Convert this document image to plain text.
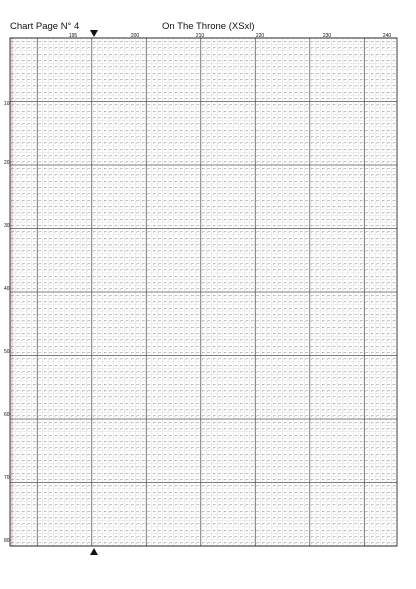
Chart Page N° 4	On The Throne (XSxl)
195	200	210	220	230	240
10
20
30
40
50
60
70
80
⌐ ⌐ ⌐ ⌐ ⌐ ⌐ ⌐ ⌐ ⌐ ⌐ ⌐ ⌐ ⌐ ⌐ ⌐ ⌐ ⌐ ⌐ ⌐ ⌐ ⌐ ⌐ ⌐ ⌐ ⌐ ⌐ ⌐ ⌐ ⌐ ⌐ ⌐ ⌐ ⌐ ⌐ ⌐ ⌐ ⌐ ⌐ ⌐ ⌐ ⌐ ⌐ ⌐ ⌐ ⌐ ⌐ ⌐ ⌐ ⌐ ⌐ ⌐ ⌐ ⌐ ⌐ ⌐ ⌐ ⌐ ⌐ ⌐ ⌐ ⌐ ⌐ ⌐ ⌐ ⌐ ⌐ ⌐ ⌐ ⌐ ⌐ ⌐
⌐ ⌐ ⌐ ⌐ ⌐ ⌐ ⌐ ⌐ ⌐ ⌐ ⌐ ⌐ ⌐ ⌐ ⌐ ⌐ ⌐ ⌐ ⌐ ⌐ ⌐ ⌐ ⌐ ⌐ ⌐ ⌐ ⌐ ⌐ ⌐ ⌐ ⌐ ⌐ ⌐ ⌐ ⌐ ⌐ ⌐ ⌐ ⌐ ⌐ ⌐ ⌐ ⌐ ⌐ ⌐ ⌐ ⌐ ⌐ ⌐ ⌐ ⌐ ⌐ ⌐ ⌐ ⌐ ⌐ ⌐ ⌐ ⌐ ⌐ ⌐ ⌐ ⌐ ⌐ ⌐ ⌐ ⌐ ⌐ ⌐ ⌐ ⌐
⌐ ⌐ ⌐ ⌐ ⌐ ⌐ ⌐ ⌐ ⌐ ⌐ ⌐ ⌐ ⌐ ⌐ ⌐ ⌐ ⌐ ⌐ ⌐ ⌐ ⌐ ⌐ ⌐ ⌐ ⌐ ⌐ ⌐ ⌐ ⌐ ⌐ ⌐ ⌐ ⌐ ⌐ ⌐ ⌐ ⌐ ⌐ ⌐ ⌐ ⌐ ⌐ ⌐ ⌐ ⌐ ⌐ ⌐ ⌐ ⌐ ⌐ ⌐ ⌐ ⌐ ⌐ ⌐ ⌐ ⌐ ⌐ ⌐ ⌐ ⌐ ⌐ ⌐ ⌐ ⌐ ⌐ ⌐ ⌐ ⌐ ⌐ ⌐
⌐ ⌐ ⌐ ⌐ ⌐ ⌐ ⌐ ⌐ ⌐ ⌐ ⌐ ⌐ ⌐ ⌐ ⌐ ⌐ ⌐ ⌐ ⌐ ⌐ ⌐ ⌐ ⌐ ⌐ ⌐ ⌐ ⌐ ⌐ ⌐ ⌐ ⌐ ⌐ ⌐ ⌐ ⌐ ⌐ ⌐ ⌐ ⌐ ⌐ ⌐ ⌐ ⌐ ⌐ ⌐ ⌐ ⌐ ⌐ ⌐ ⌐ ⌐ ⌐ ⌐ ⌐ ⌐ ⌐ ⌐ ⌐ ⌐ ⌐ ⌐ ⌐ ⌐ ⌐ ⌐ ⌐ ⌐ ⌐ ⌐ ⌐ ⌐
⌐ ⌐ ⌐ ⌐ ⌐ ⌐ ⌐ ⌐ ⌐ ⌐ ⌐ ⌐ ⌐ ⌐ ⌐ ⌐ ⌐ ⌐ ⌐ ⌐ ⌐ ⌐ ⌐ ⌐ ⌐ ⌐ ⌐ ⌐ ⌐ ⌐ ⌐ ⌐ ⌐ ⌐ ⌐ ⌐ ⌐ ⌐ ⌐ ⌐ ⌐ ⌐ ⌐ ⌐ ⌐ ⌐ ⌐ ⌐ ⌐ ⌐ ⌐ ⌐ ⌐ ⌐ ⌐ ⌐ ⌐ ⌐ ⌐ ⌐ ⌐ ⌐ ⌐ ⌐ ⌐ ⌐ ⌐ ⌐ ⌐ ⌐ ⌐
⌐ ⌐ ⌐ ⌐ ⌐ ⌐ ⌐ ⌐ ⌐ ⌐ ⌐ ⌐ ⌐ ⌐ ⌐ ⌐ ⌐ ⌐ ⌐ ⌐ ⌐ ⌐ ⌐ ⌐ ⌐ ⌐ ⌐ ⌐ ⌐ ⌐ ⌐ ⌐ ⌐ ⌐ ⌐ ⌐ ⌐ ⌐ ⌐ ⌐ ⌐ ⌐ ⌐ ⌐ ⌐ ⌐ ⌐ ⌐ ⌐ ⌐ ⌐ ⌐ ⌐ ⌐ ⌐ ⌐ ⌐ ⌐ ⌐ ⌐ ⌐ ⌐ ⌐ ⌐ ⌐ ⌐ ⌐ ⌐ ⌐ ⌐ ⌐
⌐ ⌐ ⌐ ⌐ ⌐ ⌐ ⌐ ⌐ ⌐ ⌐ ⌐ ⌐ ⌐ ⌐ ⌐ ⌐ ⌐ ⌐ ⌐ ⌐ ⌐ ⌐ ⌐ ⌐ ⌐ ⌐ ⌐ ⌐ ⌐ ⌐ ⌐ ⌐ ⌐ ⌐ ⌐ ⌐ ⌐ ⌐ ⌐ ⌐ ⌐ ⌐ ⌐ ⌐ ⌐ ⌐ ⌐ ⌐ ⌐ ⌐ ⌐ ⌐ ⌐ ⌐ ⌐ ⌐ ⌐ ⌐ ⌐ ⌐ ⌐ ⌐ ⌐ ⌐ ⌐ ⌐ ⌐ ⌐ ⌐ ⌐ ⌐
⌐ ⌐ ⌐ ⌐ ⌐ ⌐ ⌐ ⌐ ⌐ ⌐ ⌐ ⌐ ⌐ ⌐ ⌐ ⌐ ⌐ ⌐ ⌐ ⌐ ⌐ ⌐ ⌐ ⌐ ⌐ ⌐ ⌐ ⌐ ⌐ ⌐ ⌐ ⌐ ⌐ ⌐ ⌐ ⌐ ⌐ ⌐ ⌐ ⌐ ⌐ ⌐ ⌐ ⌐ ⌐ ⌐ ⌐ ⌐ ⌐ ⌐ ⌐ ⌐ ⌐ ⌐ ⌐ ⌐ ⌐ ⌐ ⌐ ⌐ ⌐ ⌐ ⌐ ⌐ ⌐ ⌐ ⌐ ⌐ ⌐ ⌐ ⌐
⌐ ⌐ ⌐ ⌐ ⌐ ⌐ ⌐ ⌐ ⌐ ⌐ ⌐ ⌐ ⌐ ⌐ ⌐ ⌐ ⌐ ⌐ ⌐ ⌐ ⌐ ⌐ ⌐ ⌐ ⌐ ⌐ ⌐ ⌐ ⌐ ⌐ ⌐ ⌐ ⌐ ⌐ ⌐ ⌐ ⌐ ⌐ ⌐ ⌐ ⌐ ⌐ ⌐ ⌐ ⌐ ⌐ ⌐ ⌐ ⌐ ⌐ ⌐ ⌐ ⌐ ⌐ ⌐ ⌐ ⌐ ⌐ ⌐ ⌐ ⌐ ⌐ ⌐ ⌐ ⌐ ⌐ ⌐ ⌐ ⌐ ⌐ ⌐
⌐ ⌐ ⌐ ⌐ ⌐ ⌐ ⌐ ⌐ ⌐ ⌐ ⌐ ⌐ ⌐ ⌐ ⌐ ⌐ ⌐ ⌐ ⌐ ⌐ ⌐ ⌐ ⌐ ⌐ ⌐ ⌐ ⌐ ⌐ ⌐ ⌐ ⌐ ⌐ ⌐ ⌐ ⌐ ⌐ ⌐ ⌐ ⌐ ⌐ ⌐ ⌐ ⌐ ⌐ ⌐ ⌐ ⌐ ⌐ ⌐ ⌐ ⌐ ⌐ ⌐ ⌐ ⌐ ⌐ ⌐ ⌐ ⌐ ⌐ ⌐ ⌐ ⌐ ⌐ ⌐ ⌐ ⌐ ⌐ ⌐ ⌐ ⌐
⌐ ⌐ ⌐ ⌐ ⌐ ⌐ ⌐ ⌐ ⌐ ⌐ ⌐ ⌐ ⌐ ⌐ ⌐ ⌐ ⌐ ⌐ ⌐ ⌐ ⌐ ⌐ ⌐ ⌐ ⌐ ⌐ ⌐ ⌐ ⌐ ⌐ ⌐ ⌐ ⌐ ⌐ ⌐ ⌐ ⌐ ⌐ ⌐ ⌐ ⌐ ⌐ ⌐ ⌐ ⌐ ⌐ ⌐ ⌐ ⌐ ⌐ ⌐ ⌐ ⌐ ⌐ ⌐ ⌐ ⌐ ⌐ ⌐ ⌐ ⌐ ⌐ ⌐ ⌐ ⌐ ⌐ ⌐ ⌐ ⌐ ⌐ ⌐
⌐ ⌐ ⌐ ⌐ ⌐ ⌐ ⌐ ⌐ ⌐ ⌐ ⌐ ⌐ ⌐ ⌐ ⌐ ⌐ ⌐ ⌐ ⌐ ⌐ ⌐ ⌐ ⌐ ⌐ ⌐ ⌐ ⌐ ⌐ ⌐ ⌐ ⌐ ⌐ ⌐ ⌐ ⌐ ⌐ ⌐ ⌐ ⌐ ⌐ ⌐ ⌐ ⌐ ⌐ ⌐ ⌐ ⌐ ⌐ ⌐ ⌐ ⌐ ⌐ ⌐ ⌐ ⌐ ⌐ ⌐ ⌐ ⌐ ⌐ ⌐ ⌐ ⌐ ⌐ ⌐ ⌐ ⌐ ⌐ ⌐ ⌐ ⌐
⌐ ⌐ ⌐ ⌐ ⌐ ⌐ ⌐ ⌐ ⌐ ⌐ ⌐ ⌐ ⌐ ⌐ ⌐ ⌐ ⌐ ⌐ ⌐ ⌐ ⌐ ⌐ ⌐ ⌐ ⌐ ⌐ ⌐ ⌐ ⌐ ⌐ ⌐ ⌐ ⌐ ⌐ ⌐ ⌐ ⌐ ⌐ ⌐ ⌐ ⌐ ⌐ ⌐ ⌐ ⌐ ⌐ ⌐ ⌐ ⌐ ⌐ ⌐ ⌐ ⌐ ⌐ ⌐ ⌐ ⌐ ⌐ ⌐ ⌐ ⌐ ⌐ ⌐ ⌐ ⌐ ⌐ ⌐ ⌐ ⌐ ⌐ ⌐
⌐ ⌐ ⌐ ⌐ ⌐ ⌐ ⌐ ⌐ ⌐ ⌐ ⌐ ⌐ ⌐ ⌐ ⌐ ⌐ ⌐ ⌐ ⌐ ⌐ ⌐ ⌐ ⌐ ⌐ ⌐ ⌐ ⌐ ⌐ ⌐ ⌐ ⌐ ⌐ ⌐ ⌐ ⌐ ⌐ ⌐ ⌐ ⌐ ⌐ ⌐ ⌐ ⌐ ⌐ ⌐ ⌐ ⌐ ⌐ ⌐ ⌐ ⌐ ⌐ ⌐ ⌐ ⌐ ⌐ ⌐ ⌐ ⌐ ⌐ ⌐ ⌐ ⌐ ⌐ ⌐ ⌐ ⌐ ⌐ ⌐ ⌐ ⌐
⌐ ⌐ ⌐ ⌐ ⌐ ⌐ ⌐ ⌐ ⌐ ⌐ ⌐ ⌐ ⌐ ⌐ ⌐ ⌐ ⌐ ⌐ ⌐ ⌐ ⌐ ⌐ ⌐ ⌐ ⌐ ⌐ ⌐ ⌐ ⌐ ⌐ ⌐ ⌐ ⌐ ⌐ ⌐ ⌐ ⌐ ⌐ ⌐ ⌐ ⌐ ⌐ ⌐ ⌐ ⌐ ⌐ ⌐ ⌐ ⌐ ⌐ ⌐ ⌐ ⌐ ⌐ ⌐ ⌐ ⌐ ⌐ ⌐ ⌐ ⌐ ⌐ ⌐ ⌐ ⌐ ⌐ ⌐ ⌐ ⌐ ⌐ ⌐
⌐ ⌐ ⌐ ⌐ ⌐ ⌐ ⌐ ⌐ ⌐ ⌐ ⌐ ⌐ ⌐ ⌐ ⌐ ⌐ ⌐ ⌐ ⌐ ⌐ ⌐ ⌐ ⌐ ⌐ ⌐ ⌐ ⌐ ⌐ ⌐ ⌐ ⌐ ⌐ ⌐ ⌐ ⌐ ⌐ ⌐ ⌐ ⌐ ⌐ ⌐ ⌐ ⌐ ⌐ ⌐ ⌐ ⌐ ⌐ ⌐ ⌐ ⌐ ⌐ ⌐ ⌐ ⌐ ⌐ ⌐ ⌐ ⌐ ⌐ ⌐ ⌐ ⌐ ⌐ ⌐ ⌐ ⌐ ⌐ ⌐ ⌐ ⌐
⌐ ⌐ ⌐ ⌐ ⌐ ⌐ ⌐ ⌐ ⌐ ⌐ ⌐ ⌐ ⌐ ⌐ ⌐ ⌐ ⌐ ⌐ ⌐ ⌐ ⌐ ⌐ ⌐ ⌐ ⌐ ⌐ ⌐ ⌐ ⌐ ⌐ ⌐ ⌐ ⌐ ⌐ ⌐ ⌐ ⌐ ⌐ ⌐ ⌐ ⌐ ⌐ ⌐ ⌐ ⌐ ⌐ ⌐ ⌐ ⌐ ⌐ ⌐ ⌐ ⌐ ⌐ ⌐ ⌐ ⌐ ⌐ ⌐ ⌐ ⌐ ⌐ ⌐ ⌐ ⌐ ⌐ ⌐ ⌐ ⌐ ⌐ ⌐
⌐ ⌐ ⌐ ⌐ ⌐ ⌐ ⌐ ⌐ ⌐ ⌐ ⌐ ⌐ ⌐ ⌐ ⌐ ⌐ ⌐ ⌐ ⌐ ⌐ ⌐ ⌐ ⌐ ⌐ ⌐ ⌐ ⌐ ⌐ ⌐ ⌐ ⌐ ⌐ ⌐ ⌐ ⌐ ⌐ ⌐ ⌐ ⌐ ⌐ ⌐ ⌐ ⌐ ⌐ ⌐ ⌐ ⌐ ⌐ ⌐ ⌐ ⌐ ⌐ ⌐ ⌐ ⌐ ⌐ ⌐ ⌐ ⌐ ⌐ ⌐ ⌐ ⌐ ⌐ ⌐ ⌐ ⌐ ⌐ ⌐ ⌐ ⌐
⌐ ⌐ ⌐ ⌐ ⌐ ⌐ ⌐ ⌐ ⌐ ⌐ ⌐ ⌐ ⌐ ⌐ ⌐ ⌐ ⌐ ⌐ ⌐ ⌐ ⌐ ⌐ ⌐ ⌐ ⌐ ⌐ ⌐ ⌐ ⌐ ⌐ ⌐ ⌐ ⌐ ⌐ ⌐ ⌐ ⌐ ⌐ ⌐ ⌐ ⌐ ⌐ ⌐ ⌐ ⌐ ⌐ ⌐ ⌐ ⌐ ⌐ ⌐ ⌐ ⌐ ⌐ ⌐ ⌐ ⌐ ⌐ ⌐ ⌐ ⌐ ⌐ ⌐ ⌐ ⌐ ⌐ ⌐ ⌐ ⌐ ⌐ ⌐
⌐ ⌐ ⌐ ⌐ ⌐ ⌐ ⌐ ⌐ ⌐ ⌐ ⌐ ⌐ ⌐ ⌐ ⌐ ⌐ ⌐ ⌐ ⌐ ⌐ ⌐ ⌐ ⌐ ⌐ ⌐ ⌐ ⌐ ⌐ ⌐ ⌐ ⌐ ⌐ ⌐ ⌐ ⌐ ⌐ ⌐ ⌐ ⌐ ⌐ ⌐ ⌐ ⌐ ⌐ ⌐ ⌐ ⌐ ⌐ ⌐ ⌐ ⌐ ⌐ ⌐ ⌐ ⌐ ⌐ ⌐ ⌐ ⌐ ⌐ ⌐ ⌐ ⌐ ⌐ ⌐ ⌐ ⌐ ⌐ ⌐ ⌐ ⌐
⌐ ⌐ ⌐ ⌐ ⌐ ⌐ ⌐ ⌐ ⌐ ⌐ ⌐ ⌐ ⌐ ⌐ ⌐ ⌐ ⌐ ⌐ ⌐ ⌐ ⌐ ⌐ ⌐ ⌐ ⌐ ⌐ ⌐ ⌐ ⌐ ⌐ ⌐ ⌐ ⌐ ⌐ ⌐ ⌐ ⌐ ⌐ ⌐ ⌐ ⌐ ⌐ ⌐ ⌐ ⌐ ⌐ ⌐ ⌐ ⌐ ⌐ ⌐ ⌐ ⌐ ⌐ ⌐ ⌐ ⌐ ⌐ ⌐ ⌐ ⌐ ⌐ ⌐ ⌐ ⌐ ⌐ ⌐ ⌐ ⌐ ⌐ ⌐
⌐ ⌐ ⌐ ⌐ ⌐ ⌐ ⌐ ⌐ ⌐ ⌐ ⌐ ⌐ ⌐ ⌐ ⌐ ⌐ ⌐ ⌐ ⌐ ⌐ ⌐ ⌐ ⌐ ⌐ ⌐ ⌐ ⌐ ⌐ ⌐ ⌐ ⌐ ⌐ ⌐ ⌐ ⌐ ⌐ ⌐ ⌐ ⌐ ⌐ ⌐ ⌐ ⌐ ⌐ ⌐ ⌐ ⌐ ⌐ ⌐ ⌐ ⌐ ⌐ ⌐ ⌐ ⌐ ⌐ ⌐ ⌐ ⌐ ⌐ ⌐ ⌐ ⌐ ⌐ ⌐ ⌐ ⌐ ⌐ ⌐ ⌐ ⌐
⌐ ⌐ ⌐ ⌐ ⌐ ⌐ ⌐ ⌐ ⌐ ⌐ ⌐ ⌐ ⌐ ⌐ ⌐ ⌐ ⌐ ⌐ ⌐ ⌐ ⌐ ⌐ ⌐ ⌐ ⌐ ⌐ ⌐ ⌐ ⌐ ⌐ ⌐ ⌐ ⌐ ⌐ ⌐ ⌐ ⌐ ⌐ ⌐ ⌐ ⌐ ⌐ ⌐ ⌐ ⌐ ⌐ ⌐ ⌐ ⌐ ⌐ ⌐ ⌐ ⌐ ⌐ ⌐ ⌐ ⌐ ⌐ ⌐ ⌐ ⌐ ⌐ ⌐ ⌐ ⌐ ⌐ ⌐ ⌐ ⌐ ⌐ ⌐
⌐ ⌐ ⌐ ⌐ ⌐ ⌐ ⌐ ⌐ ⌐ ⌐ ⌐ ⌐ ⌐ ⌐ ⌐ ⌐ ⌐ ⌐ ⌐ ⌐ ⌐ ⌐ ⌐ ⌐ ⌐ ⌐ ⌐ ⌐ ⌐ ⌐ ⌐ ⌐ ⌐ ⌐ ⌐ ⌐ ⌐ ⌐ ⌐ ⌐ ⌐ ⌐ ⌐ ⌐ ⌐ ⌐ ⌐ ⌐ ⌐ ⌐ ⌐ ⌐ ⌐ ⌐ ⌐ ⌐ ⌐ ⌐ ⌐ ⌐ ⌐ ⌐ ⌐ ⌐ ⌐ ⌐ ⌐ ⌐ ⌐ ⌐ ⌐
⌐ ⌐ ⌐ ⌐ ⌐ ⌐ ⌐ ⌐ ⌐ ⌐ ⌐ ⌐ ⌐ ⌐ ⌐ ⌐ ⌐ ⌐ ⌐ ⌐ ⌐ ⌐ ⌐ ⌐ ⌐ ⌐ ⌐ ⌐ ⌐ ⌐ ⌐ ⌐ ⌐ ⌐ ⌐ ⌐ ⌐ ⌐ ⌐ ⌐ ⌐ ⌐ ⌐ ⌐ ⌐ ⌐ ⌐ ⌐ ⌐ ⌐ ⌐ ⌐ ⌐ ⌐ ⌐ ⌐ ⌐ ⌐ ⌐ ⌐ ⌐ ⌐ ⌐ ⌐ ⌐ ⌐ ⌐ ⌐ ⌐ ⌐ ⌐
⌐ ⌐ ⌐ ⌐ ⌐ ⌐ ⌐ ⌐ ⌐ ⌐ ⌐ ⌐ ⌐ ⌐ ⌐ ⌐ ⌐ ⌐ ⌐ ⌐ ⌐ ⌐ ⌐ ⌐ ⌐ ⌐ ⌐ ⌐ ⌐ ⌐ ⌐ ⌐ ⌐ ⌐ ⌐ ⌐ ⌐ ⌐ ⌐ ⌐ ⌐ ⌐ ⌐ ⌐ ⌐ ⌐ ⌐ ⌐ ⌐ ⌐ ⌐ ⌐ ⌐ ⌐ ⌐ ⌐ ⌐ ⌐ ⌐ ⌐ ⌐ ⌐ ⌐ ⌐ ⌐ ⌐ ⌐ ⌐ ⌐ ⌐ ⌐
⌐ ⌐ ⌐ ⌐ ⌐ ⌐ ⌐ ⌐ ⌐ ⌐ ⌐ ⌐ ⌐ ⌐ ⌐ ⌐ ⌐ ⌐ ⌐ ⌐ ⌐ ⌐ ⌐ ⌐ ⌐ ⌐ ⌐ ⌐ ⌐ ⌐ ⌐ ⌐ ⌐ ⌐ ⌐ ⌐ ⌐ ⌐ ⌐ ⌐ ⌐ ⌐ ⌐ ⌐ ⌐ ⌐ ⌐ ⌐ ⌐ ⌐ ⌐ ⌐ ⌐ ⌐ ⌐ ⌐ ⌐ ⌐ ⌐ ⌐ ⌐ ⌐ ⌐ ⌐ ⌐ ⌐ ⌐ ⌐ ⌐ ⌐ ⌐
⌐ ⌐ ⌐ ⌐ ⌐ ⌐ ⌐ ⌐ ⌐ ⌐ ⌐ ⌐ ⌐ ⌐ ⌐ ⌐ ⌐ ⌐ ⌐ ⌐ ⌐ ⌐ ⌐ ⌐ ⌐ ⌐ ⌐ ⌐ ⌐ ⌐ ⌐ ⌐ ⌐ ⌐ ⌐ ⌐ ⌐ ⌐ ⌐ ⌐ ⌐ ⌐ ⌐ ⌐ ⌐ ⌐ ⌐ ⌐ ⌐ ⌐ ⌐ ⌐ ⌐ ⌐ ⌐ ⌐ ⌐ ⌐ ⌐ ⌐ ⌐ ⌐ ⌐ ⌐ ⌐ ⌐ ⌐ ⌐ ⌐ ⌐ ⌐
⌐ ⌐ ⌐ ⌐ ⌐ ⌐ ⌐ ⌐ ⌐ ⌐ ⌐ ⌐ ⌐ ⌐ ⌐ ⌐ ⌐ ⌐ ⌐ ⌐ ⌐ ⌐ ⌐ ⌐ ⌐ ⌐ ⌐ ⌐ ⌐ ⌐ ⌐ ⌐ ⌐ ⌐ ⌐ ⌐ ⌐ ⌐ ⌐ ⌐ ⌐ ⌐ ⌐ ⌐ ⌐ ⌐ ⌐ ⌐ ⌐ ⌐ ⌐ ⌐ ⌐ ⌐ ⌐ ⌐ ⌐ ⌐ ⌐ ⌐ ⌐ ⌐ ⌐ ⌐ ⌐ ⌐ ⌐ ⌐ ⌐ ⌐ ⌐
⌐ ⌐ ⌐ ⌐ ⌐ ⌐ ⌐ ⌐ ⌐ ⌐ ⌐ ⌐ ⌐ ⌐ ⌐ ⌐ ⌐ ⌐ ⌐ ⌐ ⌐ ⌐ ⌐ ⌐ ⌐ ⌐ ⌐ ⌐ ⌐ ⌐ ⌐ ⌐ ⌐ ⌐ ⌐ ⌐ ⌐ ⌐ ⌐ ⌐ ⌐ ⌐ ⌐ ⌐ ⌐ ⌐ ⌐ ⌐ ⌐ ⌐ ⌐ ⌐ ⌐ ⌐ ⌐ ⌐ ⌐ ⌐ ⌐ ⌐ ⌐ ⌐ ⌐ ⌐ ⌐ ⌐ ⌐ ⌐ ⌐ ⌐ ⌐
⌐ ⌐ ⌐ ⌐ ⌐ ⌐ ⌐ ⌐ ⌐ ⌐ ⌐ ⌐ ⌐ ⌐ ⌐ ⌐ ⌐ ⌐ ⌐ ⌐ ⌐ ⌐ ⌐ ⌐ ⌐ ⌐ ⌐ ⌐ ⌐ ⌐ ⌐ ⌐ ⌐ ⌐ ⌐ ⌐ ⌐ ⌐ ⌐ ⌐ ⌐ ⌐ ⌐ ⌐ ⌐ ⌐ ⌐ ⌐ ⌐ ⌐ ⌐ ⌐ ⌐ ⌐ ⌐ ⌐ ⌐ ⌐ ⌐ ⌐ ⌐ ⌐ ⌐ ⌐ ⌐ ⌐ ⌐ ⌐ ⌐ ⌐ ⌐
⌐ ⌐ ⌐ ⌐ ⌐ ⌐ ⌐ ⌐ ⌐ ⌐ ⌐ ⌐ ⌐ ⌐ ⌐ ⌐ ⌐ ⌐ ⌐ ⌐ ⌐ ⌐ ⌐ ⌐ ⌐ ⌐ ⌐ ⌐ ⌐ ⌐ ⌐ ⌐ ⌐ ⌐ ⌐ ⌐ ⌐ ⌐ ⌐ ⌐ ⌐ ⌐ ⌐ ⌐ ⌐ ⌐ ⌐ ⌐ ⌐ ⌐ ⌐ ⌐ ⌐ ⌐ ⌐ ⌐ ⌐ ⌐ ⌐ ⌐ ⌐ ⌐ ⌐ ⌐ ⌐ ⌐ ⌐ ⌐ ⌐ ⌐ ⌐
⌐ ⌐ ⌐ ⌐ ⌐ ⌐ ⌐ ⌐ ⌐ ⌐ ⌐ ⌐ ⌐ ⌐ ⌐ ⌐ ⌐ ⌐ ⌐ ⌐ ⌐ ⌐ ⌐ ⌐ ⌐ ⌐ ⌐ ⌐ ⌐ ⌐ ⌐ ⌐ ⌐ ⌐ ⌐ ⌐ ⌐ ⌐ ⌐ ⌐ ⌐ ⌐ ⌐ ⌐ ⌐ ⌐ ⌐ ⌐ ⌐ ⌐ ⌐ ⌐ ⌐ ⌐ ⌐ ⌐ ⌐ ⌐ ⌐ ⌐ ⌐ ⌐ ⌐ ⌐ ⌐ ⌐ ⌐ ⌐ ⌐ ⌐ ⌐
⌐ ⌐ ⌐ ⌐ ⌐ ⌐ ⌐ ⌐ ⌐ ⌐ ⌐ ⌐ ⌐ ⌐ ⌐ ⌐ ⌐ ⌐ ⌐ ⌐ ⌐ ⌐ ⌐ ⌐ ⌐ ⌐ ⌐ ⌐ ⌐ ⌐ ⌐ ⌐ ⌐ ⌐ ⌐ ⌐ ⌐ ⌐ ⌐ ⌐ ⌐ ⌐ ⌐ ⌐ ⌐ ⌐ ⌐ ⌐ ⌐ ⌐ ⌐ ⌐ ⌐ ⌐ ⌐ ⌐ ⌐ ⌐ ⌐ ⌐ ⌐ ⌐ ⌐ ⌐ ⌐ ⌐ ⌐ ⌐ ⌐ ⌐ ⌐
⌐ ⌐ ⌐ ⌐ ⌐ ⌐ ⌐ ⌐ ⌐ ⌐ ⌐ ⌐ ⌐ ⌐ ⌐ ⌐ ⌐ ⌐ ⌐ ⌐ ⌐ ⌐ ⌐ ⌐ ⌐ ⌐ ⌐ ⌐ ⌐ ⌐ ⌐ ⌐ ⌐ ⌐ ⌐ ⌐ ⌐ ⌐ ⌐ ⌐ ⌐ ⌐ ⌐ ⌐ ⌐ ⌐ ⌐ ⌐ ⌐ ⌐ ⌐ ⌐ ⌐ ⌐ ⌐ ⌐ ⌐ ⌐ ⌐ ⌐ ⌐ ⌐ ⌐ ⌐ ⌐ ⌐ ⌐ ⌐ ⌐ ⌐ ⌐
⌐ ⌐ ⌐ ⌐ ⌐ ⌐ ⌐ ⌐ ⌐ ⌐ ⌐ ⌐ ⌐ ⌐ ⌐ ⌐ ⌐ ⌐ ⌐ ⌐ ⌐ ⌐ ⌐ ⌐ ⌐ ⌐ ⌐ ⌐ ⌐ ⌐ ⌐ ⌐ ⌐ ⌐ ⌐ ⌐ ⌐ ⌐ ⌐ ⌐ ⌐ ⌐ ⌐ ⌐ ⌐ ⌐ ⌐ ⌐ ⌐ ⌐ ⌐ ⌐ ⌐ ⌐ ⌐ ⌐ ⌐ ⌐ ⌐ ⌐ ⌐ ⌐ ⌐ ⌐ ⌐ ⌐ ⌐ ⌐ ⌐ ⌐ ⌐
⌐ ⌐ ⌐ ⌐ ⌐ ⌐ ⌐ ⌐ ⌐ ⌐ ⌐ ⌐ ⌐ ⌐ ⌐ ⌐ ⌐ ⌐ ⌐ ⌐ ⌐ ⌐ ⌐ ⌐ ⌐ ⌐ ⌐ ⌐ ⌐ ⌐ ⌐ ⌐ ⌐ ⌐ ⌐ ⌐ ⌐ ⌐ ⌐ ⌐ ⌐ ⌐ ⌐ ⌐ ⌐ ⌐ ⌐ ⌐ ⌐ ⌐ ⌐ ⌐ ⌐ ⌐ ⌐ ⌐ ⌐ ⌐ ⌐ ⌐ ⌐ ⌐ ⌐ ⌐ ⌐ ⌐ ⌐ ⌐ ⌐ ⌐ ⌐
⌐ ⌐ ⌐ ⌐ ⌐ ⌐ ⌐ ⌐ ⌐ ⌐ ⌐ ⌐ ⌐ ⌐ ⌐ ⌐ ⌐ ⌐ ⌐ ⌐ ⌐ ⌐ ⌐ ⌐ ⌐ ⌐ ⌐ ⌐ ⌐ ⌐ ⌐ ⌐ ⌐ ⌐ ⌐ ⌐ ⌐ ⌐ ⌐ ⌐ ⌐ ⌐ ⌐ ⌐ ⌐ ⌐ ⌐ ⌐ ⌐ ⌐ ⌐ ⌐ ⌐ ⌐ ⌐ ⌐ ⌐ ⌐ ⌐ ⌐ ⌐ ⌐ ⌐ ⌐ ⌐ ⌐ ⌐ ⌐ ⌐ ⌐ ⌐
⌐ ⌐ ⌐ ⌐ ⌐ ⌐ ⌐ ⌐ ⌐ ⌐ ⌐ ⌐ ⌐ ⌐ ⌐ ⌐ ⌐ ⌐ ⌐ ⌐ ⌐ ⌐ ⌐ ⌐ ⌐ ⌐ ⌐ ⌐ ⌐ ⌐ ⌐ ⌐ ⌐ ⌐ ⌐ ⌐ ⌐ ⌐ ⌐ ⌐ ⌐ ⌐ ⌐ ⌐ ⌐ ⌐ ⌐ ⌐ ⌐ ⌐ ⌐ ⌐ ⌐ ⌐ ⌐ ⌐ ⌐ ⌐ ⌐ ⌐ ⌐ ⌐ ⌐ ⌐ ⌐ ⌐ ⌐ ⌐ ⌐ ⌐ ⌐
⌐ ⌐ ⌐ ⌐ ⌐ ⌐ ⌐ ⌐ ⌐ ⌐ ⌐ ⌐ ⌐ ⌐ ⌐ ⌐ ⌐ ⌐ ⌐ ⌐ ⌐ ⌐ ⌐ ⌐ ⌐ ⌐ ⌐ ⌐ ⌐ ⌐ ⌐ ⌐ ⌐ ⌐ ⌐ ⌐ ⌐ ⌐ ⌐ ⌐ ⌐ ⌐ ⌐ ⌐ ⌐ ⌐ ⌐ ⌐ ⌐ ⌐ ⌐ ⌐ ⌐ ⌐ ⌐ ⌐ ⌐ ⌐ ⌐ ⌐ ⌐ ⌐ ⌐ ⌐ ⌐ ⌐ ⌐ ⌐ ⌐ ⌐ ⌐
⌐ ⌐ ⌐ ⌐ ⌐ ⌐ ⌐ ⌐ ⌐ ⌐ ⌐ ⌐ ⌐ ⌐ ⌐ ⌐ ⌐ ⌐ ⌐ ⌐ ⌐ ⌐ ⌐ ⌐ ⌐ ⌐ ⌐ ⌐ ⌐ ⌐ ⌐ ⌐ ⌐ ⌐ ⌐ ⌐ ⌐ ⌐ ⌐ ⌐ ⌐ ⌐ ⌐ ⌐ ⌐ ⌐ ⌐ ⌐ ⌐ ⌐ ⌐ ⌐ ⌐ ⌐ ⌐ ⌐ ⌐ ⌐ ⌐ ⌐ ⌐ ⌐ ⌐ ⌐ ⌐ ⌐ ⌐ ⌐ ⌐ ⌐ ⌐
⌐ ⌐ ⌐ ⌐ ⌐ ⌐ ⌐ ⌐ ⌐ ⌐ ⌐ ⌐ ⌐ ⌐ ⌐ ⌐ ⌐ ⌐ ⌐ ⌐ ⌐ ⌐ ⌐ ⌐ ⌐ ⌐ ⌐ ⌐ ⌐ ⌐ ⌐ ⌐ ⌐ ⌐ ⌐ ⌐ ⌐ ⌐ ⌐ ⌐ ⌐ ⌐ ⌐ ⌐ ⌐ ⌐ ⌐ ⌐ ⌐ ⌐ ⌐ ⌐ ⌐ ⌐ ⌐ ⌐ ⌐ ⌐ ⌐ ⌐ ⌐ ⌐ ⌐ ⌐ ⌐ ⌐ ⌐ ⌐ ⌐ ⌐ ⌐
⌐ ⌐ ⌐ ⌐ ⌐ ⌐ ⌐ ⌐ ⌐ ⌐ ⌐ ⌐ ⌐ ⌐ ⌐ ⌐ ⌐ ⌐ ⌐ ⌐ ⌐ ⌐ ⌐ ⌐ ⌐ ⌐ ⌐ ⌐ ⌐ ⌐ ⌐ ⌐ ⌐ ⌐ ⌐ ⌐ ⌐ ⌐ ⌐ ⌐ ⌐ ⌐ ⌐ ⌐ ⌐ ⌐ ⌐ ⌐ ⌐ ⌐ ⌐ ⌐ ⌐ ⌐ ⌐ ⌐ ⌐ ⌐ ⌐ ⌐ ⌐ ⌐ ⌐ ⌐ ⌐ ⌐ ⌐ ⌐ ⌐ ⌐ ⌐
⌐ ⌐ ⌐ ⌐ ⌐ ⌐ ⌐ ⌐ ⌐ ⌐ ⌐ ⌐ ⌐ ⌐ ⌐ ⌐ ⌐ ⌐ ⌐ ⌐ ⌐ ⌐ ⌐ ⌐ ⌐ ⌐ ⌐ ⌐ ⌐ ⌐ ⌐ ⌐ ⌐ ⌐ ⌐ ⌐ ⌐ ⌐ ⌐ ⌐ ⌐ ⌐ ⌐ ⌐ ⌐ ⌐ ⌐ ⌐ ⌐ ⌐ ⌐ ⌐ ⌐ ⌐ ⌐ ⌐ ⌐ ⌐ ⌐ ⌐ ⌐ ⌐ ⌐ ⌐ ⌐ ⌐ ⌐ ⌐ ⌐ ⌐ ⌐
⌐ ⌐ ⌐ ⌐ ⌐ ⌐ ⌐ ⌐ ⌐ ⌐ ⌐ ⌐ ⌐ ⌐ ⌐ ⌐ ⌐ ⌐ ⌐ ⌐ ⌐ ⌐ ⌐ ⌐ ⌐ ⌐ ⌐ ⌐ ⌐ ⌐ ⌐ ⌐ ⌐ ⌐ ⌐ ⌐ ⌐ ⌐ ⌐ ⌐ ⌐ ⌐ ⌐ ⌐ ⌐ ⌐ ⌐ ⌐ ⌐ ⌐ ⌐ ⌐ ⌐ ⌐ ⌐ ⌐ ⌐ ⌐ ⌐ ⌐ ⌐ ⌐ ⌐ ⌐ ⌐ ⌐ ⌐ ⌐ ⌐ ⌐ ⌐
⌐ ⌐ ⌐ ⌐ ⌐ ⌐ ⌐ ⌐ ⌐ ⌐ ⌐ ⌐ ⌐ ⌐ ⌐ ⌐ ⌐ ⌐ ⌐ ⌐ ⌐ ⌐ ⌐ ⌐ ⌐ ⌐ ⌐ ⌐ ⌐ ⌐ ⌐ ⌐ ⌐ ⌐ ⌐ ⌐ ⌐ ⌐ ⌐ ⌐ ⌐ ⌐ ⌐ ⌐ ⌐ ⌐ ⌐ ⌐ ⌐ ⌐ ⌐ ⌐ ⌐ ⌐ ⌐ ⌐ ⌐ ⌐ ⌐ ⌐ ⌐ ⌐ ⌐ ⌐ ⌐ ⌐ ⌐ ⌐ ⌐ ⌐ ⌐
⌐ ⌐ ⌐ ⌐ ⌐ ⌐ ⌐ ⌐ ⌐ ⌐ ⌐ ⌐ ⌐ ⌐ ⌐ ⌐ ⌐ ⌐ ⌐ ⌐ ⌐ ⌐ ⌐ ⌐ ⌐ ⌐ ⌐ ⌐ ⌐ ⌐ ⌐ ⌐ ⌐ ⌐ ⌐ ⌐ ⌐ ⌐ ⌐ ⌐ ⌐ ⌐ ⌐ ⌐ ⌐ ⌐ ⌐ ⌐ ⌐ ⌐ ⌐ ⌐ ⌐ ⌐ ⌐ ⌐ ⌐ ⌐ ⌐ ⌐ ⌐ ⌐ ⌐ ⌐ ⌐ ⌐ ⌐ ⌐ ⌐ ⌐ ⌐
⌐ ⌐ ⌐ ⌐ ⌐ ⌐ ⌐ ⌐ ⌐ ⌐ ⌐ ⌐ ⌐ ⌐ ⌐ ⌐ ⌐ ⌐ ⌐ ⌐ ⌐ ⌐ ⌐ ⌐ ⌐ ⌐ ⌐ ⌐ ⌐ ⌐ ⌐ ⌐ ⌐ ⌐ ⌐ ⌐ ⌐ ⌐ ⌐ ⌐ ⌐ ⌐ ⌐ ⌐ ⌐ ⌐ ⌐ ⌐ ⌐ ⌐ ⌐ ⌐ ⌐ ⌐ ⌐ ⌐ ⌐ ⌐ ⌐ ⌐ ⌐ ⌐ ⌐ ⌐ ⌐ ⌐ ⌐ ⌐ ⌐ ⌐ ⌐
⌐ ⌐ ⌐ ⌐ ⌐ ⌐ ⌐ ⌐ ⌐ ⌐ ⌐ ⌐ ⌐ ⌐ ⌐ ⌐ ⌐ ⌐ ⌐ ⌐ ⌐ ⌐ ⌐ ⌐ ⌐ ⌐ ⌐ ⌐ ⌐ ⌐ ⌐ ⌐ ⌐ ⌐ ⌐ ⌐ ⌐ ⌐ ⌐ ⌐ ⌐ ⌐ ⌐ ⌐ ⌐ ⌐ ⌐ ⌐ ⌐ ⌐ ⌐ ⌐ ⌐ ⌐ ⌐ ⌐ ⌐ ⌐ ⌐ ⌐ ⌐ ⌐ ⌐ ⌐ ⌐ ⌐ ⌐ ⌐ ⌐ ⌐ ⌐
⌐ ⌐ ⌐ ⌐ ⌐ ⌐ ⌐ ⌐ ⌐ ⌐ ⌐ ⌐ ⌐ ⌐ ⌐ ⌐ ⌐ ⌐ ⌐ ⌐ ⌐ ⌐ ⌐ ⌐ ⌐ ⌐ ⌐ ⌐ ⌐ ⌐ ⌐ ⌐ ⌐ ⌐ ⌐ ⌐ ⌐ ⌐ ⌐ ⌐ ⌐ ⌐ ⌐ ⌐ ⌐ ⌐ ⌐ ⌐ ⌐ ⌐ ⌐ ⌐ ⌐ ⌐ ⌐ ⌐ ⌐ ⌐ ⌐ ⌐ ⌐ ⌐ ⌐ ⌐ ⌐ ⌐ ⌐ ⌐ ⌐ ⌐ ⌐
⌐ ⌐ ⌐ ⌐ ⌐ ⌐ ⌐ ⌐ ⌐ ⌐ ⌐ ⌐ ⌐ ⌐ ⌐ ⌐ ⌐ ⌐ ⌐ ⌐ ⌐ ⌐ ⌐ ⌐ ⌐ ⌐ ⌐ ⌐ ⌐ ⌐ ⌐ ⌐ ⌐ ⌐ ⌐ ⌐ ⌐ ⌐ ⌐ ⌐ ⌐ ⌐ ⌐ ⌐ ⌐ ⌐ ⌐ ⌐ ⌐ ⌐ ⌐ ⌐ ⌐ ⌐ ⌐ ⌐ ⌐ ⌐ ⌐ ⌐ ⌐ ⌐ ⌐ ⌐ ⌐ ⌐ ⌐ ⌐ ⌐ ⌐ ⌐
⌐ ⌐ ⌐ ⌐ ⌐ ⌐ ⌐ ⌐ ⌐ ⌐ ⌐ ⌐ ⌐ ⌐ ⌐ ⌐ ⌐ ⌐ ⌐ ⌐ ⌐ ⌐ ⌐ ⌐ ⌐ ⌐ ⌐ ⌐ ⌐ ⌐ ⌐ ⌐ ⌐ ⌐ ⌐ ⌐ ⌐ ⌐ ⌐ ⌐ ⌐ ⌐ ⌐ ⌐ ⌐ ⌐ ⌐ ⌐ ⌐ ⌐ ⌐ ⌐ ⌐ ⌐ ⌐ ⌐ ⌐ ⌐ ⌐ ⌐ ⌐ ⌐ ⌐ ⌐ ⌐ ⌐ ⌐ ⌐ ⌐ ⌐ ⌐
⌐ ⌐ ⌐ ⌐ ⌐ ⌐ ⌐ ⌐ ⌐ ⌐ ⌐ ⌐ ⌐ ⌐ ⌐ ⌐ ⌐ ⌐ ⌐ ⌐ ⌐ ⌐ ⌐ ⌐ ⌐ ⌐ ⌐ ⌐ ⌐ ⌐ ⌐ ⌐ ⌐ ⌐ ⌐ ⌐ ⌐ ⌐ ⌐ ⌐ ⌐ ⌐ ⌐ ⌐ ⌐ ⌐ ⌐ ⌐ ⌐ ⌐ ⌐ ⌐ ⌐ ⌐ ⌐ ⌐ ⌐ ⌐ ⌐ ⌐ ⌐ ⌐ ⌐ ⌐ ⌐ ⌐ ⌐ ⌐ ⌐ ⌐ ⌐
⌐ ⌐ ⌐ ⌐ ⌐ ⌐ ⌐ ⌐ ⌐ ⌐ ⌐ ⌐ ⌐ ⌐ ⌐ ⌐ ⌐ ⌐ ⌐ ⌐ ⌐ ⌐ ⌐ ⌐ ⌐ ⌐ ⌐ ⌐ ⌐ ⌐ ⌐ ⌐ ⌐ ⌐ ⌐ ⌐ ⌐ ⌐ ⌐ ⌐ ⌐ ⌐ ⌐ ⌐ ⌐ ⌐ ⌐ ⌐ ⌐ ⌐ ⌐ ⌐ ⌐ ⌐ ⌐ ⌐ ⌐ ⌐ ⌐ ⌐ ⌐ ⌐ ⌐ ⌐ ⌐ ⌐ ⌐ ⌐ ⌐ ⌐ ⌐
⌐ ⌐ ⌐ ⌐ ⌐ ⌐ ⌐ ⌐ ⌐ ⌐ ⌐ ⌐ ⌐ ⌐ ⌐ ⌐ ⌐ ⌐ ⌐ ⌐ ⌐ ⌐ ⌐ ⌐ ⌐ ⌐ ⌐ ⌐ ⌐ ⌐ ⌐ ⌐ ⌐ ⌐ ⌐ ⌐ ⌐ ⌐ ⌐ ⌐ ⌐ ⌐ ⌐ ⌐ ⌐ ⌐ ⌐ ⌐ ⌐ ⌐ ⌐ ⌐ ⌐ ⌐ ⌐ ⌐ ⌐ ⌐ ⌐ ⌐ ⌐ ⌐ ⌐ ⌐ ⌐ ⌐ ⌐ ⌐ ⌐ ⌐ ⌐
⌐ ⌐ ⌐ ⌐ ⌐ ⌐ ⌐ ⌐ ⌐ ⌐ ⌐ ⌐ ⌐ ⌐ ⌐ ⌐ ⌐ ⌐ ⌐ ⌐ ⌐ ⌐ ⌐ ⌐ ⌐ ⌐ ⌐ ⌐ ⌐ ⌐ ⌐ ⌐ ⌐ ⌐ ⌐ ⌐ ⌐ ⌐ ⌐ ⌐ ⌐ ⌐ ⌐ ⌐ ⌐ ⌐ ⌐ ⌐ ⌐ ⌐ ⌐ ⌐ ⌐ ⌐ ⌐ ⌐ ⌐ ⌐ ⌐ ⌐ ⌐ ⌐ ⌐ ⌐ ⌐ ⌐ ⌐ ⌐ ⌐ ⌐ ⌐
⌐ ⌐ ⌐ ⌐ ⌐ ⌐ ⌐ ⌐ ⌐ ⌐ ⌐ ⌐ ⌐ ⌐ ⌐ ⌐ ⌐ ⌐ ⌐ ⌐ ⌐ ⌐ ⌐ ⌐ ⌐ ⌐ ⌐ ⌐ ⌐ ⌐ ⌐ ⌐ ⌐ ⌐ ⌐ ⌐ ⌐ ⌐ ⌐ ⌐ ⌐ ⌐ ⌐ ⌐ ⌐ ⌐ ⌐ ⌐ ⌐ ⌐ ⌐ ⌐ ⌐ ⌐ ⌐ ⌐ ⌐ ⌐ ⌐ ⌐ ⌐ ⌐ ⌐ ⌐ ⌐ ⌐ ⌐ ⌐ ⌐ ⌐ ⌐
⌐ ⌐ ⌐ ⌐ ⌐ ⌐ ⌐ ⌐ ⌐ ⌐ ⌐ ⌐ ⌐ ⌐ ⌐ ⌐ ⌐ ⌐ ⌐ ⌐ ⌐ ⌐ ⌐ ⌐ ⌐ ⌐ ⌐ ⌐ ⌐ ⌐ ⌐ ⌐ ⌐ ⌐ ⌐ ⌐ ⌐ ⌐ ⌐ ⌐ ⌐ ⌐ ⌐ ⌐ ⌐ ⌐ ⌐ ⌐ ⌐ ⌐ ⌐ ⌐ ⌐ ⌐ ⌐ ⌐ ⌐ ⌐ ⌐ ⌐ ⌐ ⌐ ⌐ ⌐ ⌐ ⌐ ⌐ ⌐ ⌐ ⌐ ⌐
⌐ ⌐ ⌐ ⌐ ⌐ ⌐ ⌐ ⌐ ⌐ ⌐ ⌐ ⌐ ⌐ ⌐ ⌐ ⌐ ⌐ ⌐ ⌐ ⌐ ⌐ ⌐ ⌐ ⌐ ⌐ ⌐ ⌐ ⌐ ⌐ ⌐ ⌐ ⌐ ⌐ ⌐ ⌐ ⌐ ⌐ ⌐ ⌐ ⌐ ⌐ ⌐ ⌐ ⌐ ⌐ ⌐ ⌐ ⌐ ⌐ ⌐ ⌐ ⌐ ⌐ ⌐ ⌐ ⌐ ⌐ ⌐ ⌐ ⌐ ⌐ ⌐ ⌐ ⌐ ⌐ ⌐ ⌐ ⌐ ⌐ ⌐ ⌐
⌐ ⌐ ⌐ ⌐ ⌐ ⌐ ⌐ ⌐ ⌐ ⌐ ⌐ ⌐ ⌐ ⌐ ⌐ ⌐ ⌐ ⌐ ⌐ ⌐ ⌐ ⌐ ⌐ ⌐ ⌐ ⌐ ⌐ ⌐ ⌐ ⌐ ⌐ ⌐ ⌐ ⌐ ⌐ ⌐ ⌐ ⌐ ⌐ ⌐ ⌐ ⌐ ⌐ ⌐ ⌐ ⌐ ⌐ ⌐ ⌐ ⌐ ⌐ ⌐ ⌐ ⌐ ⌐ ⌐ ⌐ ⌐ ⌐ ⌐ ⌐ ⌐ ⌐ ⌐ ⌐ ⌐ ⌐ ⌐ ⌐ ⌐ ⌐
⌐ ⌐ ⌐ ⌐ ⌐ ⌐ ⌐ ⌐ ⌐ ⌐ ⌐ ⌐ ⌐ ⌐ ⌐ ⌐ ⌐ ⌐ ⌐ ⌐ ⌐ ⌐ ⌐ ⌐ ⌐ ⌐ ⌐ ⌐ ⌐ ⌐ ⌐ ⌐ ⌐ ⌐ ⌐ ⌐ ⌐ ⌐ ⌐ ⌐ ⌐ ⌐ ⌐ ⌐ ⌐ ⌐ ⌐ ⌐ ⌐ ⌐ ⌐ ⌐ ⌐ ⌐ ⌐ ⌐ ⌐ ⌐ ⌐ ⌐ ⌐ ⌐ ⌐ ⌐ ⌐ ⌐ ⌐ ⌐ ⌐ ⌐ ⌐
⌐ ⌐ ⌐ ⌐ ⌐ ⌐ ⌐ ⌐ ⌐ ⌐ ⌐ ⌐ ⌐ ⌐ ⌐ ⌐ ⌐ ⌐ ⌐ ⌐ ⌐ ⌐ ⌐ ⌐ ⌐ ⌐ ⌐ ⌐ ⌐ ⌐ ⌐ ⌐ ⌐ ⌐ ⌐ ⌐ ⌐ ⌐ ⌐ ⌐ ⌐ ⌐ ⌐ ⌐ ⌐ ⌐ ⌐ ⌐ ⌐ ⌐ ⌐ ⌐ ⌐ ⌐ ⌐ ⌐ ⌐ ⌐ ⌐ ⌐ ⌐ ⌐ ⌐ ⌐ ⌐ ⌐ ⌐ ⌐ ⌐ ⌐ ⌐
⌐ ⌐ ⌐ ⌐ ⌐ ⌐ ⌐ ⌐ ⌐ ⌐ ⌐ ⌐ ⌐ ⌐ ⌐ ⌐ ⌐ ⌐ ⌐ ⌐ ⌐ ⌐ ⌐ ⌐ ⌐ ⌐ ⌐ ⌐ ⌐ ⌐ ⌐ ⌐ ⌐ ⌐ ⌐ ⌐ ⌐ ⌐ ⌐ ⌐ ⌐ ⌐ ⌐ ⌐ ⌐ ⌐ ⌐ ⌐ ⌐ ⌐ ⌐ ⌐ ⌐ ⌐ ⌐ ⌐ ⌐ ⌐ ⌐ ⌐ ⌐ ⌐ ⌐ ⌐ ⌐ ⌐ ⌐ ⌐ ⌐ ⌐ ⌐
⌐ ⌐ ⌐ ⌐ ⌐ ⌐ ⌐ ⌐ ⌐ ⌐ ⌐ ⌐ ⌐ ⌐ ⌐ ⌐ ⌐ ⌐ ⌐ ⌐ ⌐ ⌐ ⌐ ⌐ ⌐ ⌐ ⌐ ⌐ ⌐ ⌐ ⌐ ⌐ ⌐ ⌐ ⌐ ⌐ ⌐ ⌐ ⌐ ⌐ ⌐ ⌐ ⌐ ⌐ ⌐ ⌐ ⌐ ⌐ ⌐ ⌐ ⌐ ⌐ ⌐ ⌐ ⌐ ⌐ ⌐ ⌐ ⌐ ⌐ ⌐ ⌐ ⌐ ⌐ ⌐ ⌐ ⌐ ⌐ ⌐ ⌐ ⌐
⌐ ⌐ ⌐ ⌐ ⌐ ⌐ ⌐ ⌐ ⌐ ⌐ ⌐ ⌐ ⌐ ⌐ ⌐ ⌐ ⌐ ⌐ ⌐ ⌐ ⌐ ⌐ ⌐ ⌐ ⌐ ⌐ ⌐ ⌐ ⌐ ⌐ ⌐ ⌐ ⌐ ⌐ ⌐ ⌐ ⌐ ⌐ ⌐ ⌐ ⌐ ⌐ ⌐ ⌐ ⌐ ⌐ ⌐ ⌐ ⌐ ⌐ ⌐ ⌐ ⌐ ⌐ ⌐ ⌐ ⌐ ⌐ ⌐ ⌐ ⌐ ⌐ ⌐ ⌐ ⌐ ⌐ ⌐ ⌐ ⌐ ⌐ ⌐
⌐ ⌐ ⌐ ⌐ ⌐ ⌐ ⌐ ⌐ ⌐ ⌐ ⌐ ⌐ ⌐ ⌐ ⌐ ⌐ ⌐ ⌐ ⌐ ⌐ ⌐ ⌐ ⌐ ⌐ ⌐ ⌐ ⌐ ⌐ ⌐ ⌐ ⌐ ⌐ ⌐ ⌐ ⌐ ⌐ ⌐ ⌐ ⌐ ⌐ ⌐ ⌐ ⌐ ⌐ ⌐ ⌐ ⌐ ⌐ ⌐ ⌐ ⌐ ⌐ ⌐ ⌐ ⌐ ⌐ ⌐ ⌐ ⌐ ⌐ ⌐ ⌐ ⌐ ⌐ ⌐ ⌐ ⌐ ⌐ ⌐ ⌐ ⌐
⌐ ⌐ ⌐ ⌐ ⌐ ⌐ ⌐ ⌐ ⌐ ⌐ ⌐ ⌐ ⌐ ⌐ ⌐ ⌐ ⌐ ⌐ ⌐ ⌐ ⌐ ⌐ ⌐ ⌐ ⌐ ⌐ ⌐ ⌐ ⌐ ⌐ ⌐ ⌐ ⌐ ⌐ ⌐ ⌐ ⌐ ⌐ ⌐ ⌐ ⌐ ⌐ ⌐ ⌐ ⌐ ⌐ ⌐ ⌐ ⌐ ⌐ ⌐ ⌐ ⌐ ⌐ ⌐ ⌐ ⌐ ⌐ ⌐ ⌐ ⌐ ⌐ ⌐ ⌐ ⌐ ⌐ ⌐ ⌐ ⌐ ⌐ ⌐
⌐ ⌐ ⌐ ⌐ ⌐ ⌐ ⌐ ⌐ ⌐ ⌐ ⌐ ⌐ ⌐ ⌐ ⌐ ⌐ ⌐ ⌐ ⌐ ⌐ ⌐ ⌐ ⌐ ⌐ ⌐ ⌐ ⌐ ⌐ ⌐ ⌐ ⌐ ⌐ ⌐ ⌐ ⌐ ⌐ ⌐ ⌐ ⌐ ⌐ ⌐ ⌐ ⌐ ⌐ ⌐ ⌐ ⌐ ⌐ ⌐ ⌐ ⌐ ⌐ ⌐ ⌐ ⌐ ⌐ ⌐ ⌐ ⌐ ⌐ ⌐ ⌐ ⌐ ⌐ ⌐ ⌐ ⌐ ⌐ ⌐ ⌐ ⌐
⌐ ⌐ ⌐ ⌐ ⌐ ⌐ ⌐ ⌐ ⌐ ⌐ ⌐ ⌐ ⌐ ⌐ ⌐ ⌐ ⌐ ⌐ ⌐ ⌐ ⌐ ⌐ ⌐ ⌐ ⌐ ⌐ ⌐ ⌐ ⌐ ⌐ ⌐ ⌐ ⌐ ⌐ ⌐ ⌐ ⌐ ⌐ ⌐ ⌐ ⌐ ⌐ ⌐ ⌐ ⌐ ⌐ ⌐ ⌐ ⌐ ⌐ ⌐ ⌐ ⌐ ⌐ ⌐ ⌐ ⌐ ⌐ ⌐ ⌐ ⌐ ⌐ ⌐ ⌐ ⌐ ⌐ ⌐ ⌐ ⌐ ⌐ ⌐
⌐ ⌐ ⌐ ⌐ ⌐ ⌐ ⌐ ⌐ ⌐ ⌐ ⌐ ⌐ ⌐ ⌐ ⌐ ⌐ ⌐ ⌐ ⌐ ⌐ ⌐ ⌐ ⌐ ⌐ ⌐ ⌐ ⌐ ⌐ ⌐ ⌐ ⌐ ⌐ ⌐ ⌐ ⌐ ⌐ ⌐ ⌐ ⌐ ⌐ ⌐ ⌐ ⌐ ⌐ ⌐ ⌐ ⌐ ⌐ ⌐ ⌐ ⌐ ⌐ ⌐ ⌐ ⌐ ⌐ ⌐ ⌐ ⌐ ⌐ ⌐ ⌐ ⌐ ⌐ ⌐ ⌐ ⌐ ⌐ ⌐ ⌐ ⌐
⌐ ⌐ ⌐ ⌐ ⌐ ⌐ ⌐ ⌐ ⌐ ⌐ ⌐ ⌐ ⌐ ⌐ ⌐ ⌐ ⌐ ⌐ ⌐ ⌐ ⌐ ⌐ ⌐ ⌐ ⌐ ⌐ ⌐ ⌐ ⌐ ⌐ ⌐ ⌐ ⌐ ⌐ ⌐ ⌐ ⌐ ⌐ ⌐ ⌐ ⌐ ⌐ ⌐ ⌐ ⌐ ⌐ ⌐ ⌐ ⌐ ⌐ ⌐ ⌐ ⌐ ⌐ ⌐ ⌐ ⌐ ⌐ ⌐ ⌐ ⌐ ⌐ ⌐ ⌐ ⌐ ⌐ ⌐ ⌐ ⌐ ⌐ ⌐
⌐ ⌐ ⌐ ⌐ ⌐ ⌐ ⌐ ⌐ ⌐ ⌐ ⌐ ⌐ ⌐ ⌐ ⌐ ⌐ ⌐ ⌐ ⌐ ⌐ ⌐ ⌐ ⌐ ⌐ ⌐ ⌐ ⌐ ⌐ ⌐ ⌐ ⌐ ⌐ ⌐ ⌐ ⌐ ⌐ ⌐ ⌐ ⌐ ⌐ ⌐ ⌐ ⌐ ⌐ ⌐ ⌐ ⌐ ⌐ ⌐ ⌐ ⌐ ⌐ ⌐ ⌐ ⌐ ⌐ ⌐ ⌐ ⌐ ⌐ ⌐ ⌐ ⌐ ⌐ ⌐ ⌐ ⌐ ⌐ ⌐ ⌐ ⌐
⌐ ⌐ ⌐ ⌐ ⌐ ⌐ ⌐ ⌐ ⌐ ⌐ ⌐ ⌐ ⌐ ⌐ ⌐ ⌐ ⌐ ⌐ ⌐ ⌐ ⌐ ⌐ ⌐ ⌐ ⌐ ⌐ ⌐ ⌐ ⌐ ⌐ ⌐ ⌐ ⌐ ⌐ ⌐ ⌐ ⌐ ⌐ ⌐ ⌐ ⌐ ⌐ ⌐ ⌐ ⌐ ⌐ ⌐ ⌐ ⌐ ⌐ ⌐ ⌐ ⌐ ⌐ ⌐ ⌐ ⌐ ⌐ ⌐ ⌐ ⌐ ⌐ ⌐ ⌐ ⌐ ⌐ ⌐ ⌐ ⌐ ⌐ ⌐
⌐ ⌐ ⌐ ⌐ ⌐ ⌐ ⌐ ⌐ ⌐ ⌐ ⌐ ⌐ ⌐ ⌐ ⌐ ⌐ ⌐ ⌐ ⌐ ⌐ ⌐ ⌐ ⌐ ⌐ ⌐ ⌐ ⌐ ⌐ ⌐ ⌐ ⌐ ⌐ ⌐ ⌐ ⌐ ⌐ ⌐ ⌐ ⌐ ⌐ ⌐ ⌐ ⌐ ⌐ ⌐ ⌐ ⌐ ⌐ ⌐ ⌐ ⌐ ⌐ ⌐ ⌐ ⌐ ⌐ ⌐ ⌐ ⌐ ⌐ ⌐ ⌐ ⌐ ⌐ ⌐ ⌐ ⌐ ⌐ ⌐ ⌐ ⌐
⌐ ⌐ ⌐ ⌐ ⌐ ⌐ ⌐ ⌐ ⌐ ⌐ ⌐ ⌐ ⌐ ⌐ ⌐ ⌐ ⌐ ⌐ ⌐ ⌐ ⌐ ⌐ ⌐ ⌐ ⌐ ⌐ ⌐ ⌐ ⌐ ⌐ ⌐ ⌐ ⌐ ⌐ ⌐ ⌐ ⌐ ⌐ ⌐ ⌐ ⌐ ⌐ ⌐ ⌐ ⌐ ⌐ ⌐ ⌐ ⌐ ⌐ ⌐ ⌐ ⌐ ⌐ ⌐ ⌐ ⌐ ⌐ ⌐ ⌐ ⌐ ⌐ ⌐ ⌐ ⌐ ⌐ ⌐ ⌐ ⌐ ⌐ ⌐
⌐ ⌐ ⌐ ⌐ ⌐ ⌐ ⌐ ⌐ ⌐ ⌐ ⌐ ⌐ ⌐ ⌐ ⌐ ⌐ ⌐ ⌐ ⌐ ⌐ ⌐ ⌐ ⌐ ⌐ ⌐ ⌐ ⌐ ⌐ ⌐ ⌐ ⌐ ⌐ ⌐ ⌐ ⌐ ⌐ ⌐ ⌐ ⌐ ⌐ ⌐ ⌐ ⌐ ⌐ ⌐ ⌐ ⌐ ⌐ ⌐ ⌐ ⌐ ⌐ ⌐ ⌐ ⌐ ⌐ ⌐ ⌐ ⌐ ⌐ ⌐ ⌐ ⌐ ⌐ ⌐ ⌐ ⌐ ⌐ ⌐ ⌐ ⌐
⌐ ⌐ ⌐ ⌐ ⌐ ⌐ ⌐ ⌐ ⌐ ⌐ ⌐ ⌐ ⌐ ⌐ ⌐ ⌐ ⌐ ⌐ ⌐ ⌐ ⌐ ⌐ ⌐ ⌐ ⌐ ⌐ ⌐ ⌐ ⌐ ⌐ ⌐ ⌐ ⌐ ⌐ ⌐ ⌐ ⌐ ⌐ ⌐ ⌐ ⌐ ⌐ ⌐ ⌐ ⌐ ⌐ ⌐ ⌐ ⌐ ⌐ ⌐ ⌐ ⌐ ⌐ ⌐ ⌐ ⌐ ⌐ ⌐ ⌐ ⌐ ⌐ ⌐ ⌐ ⌐ ⌐ ⌐ ⌐ ⌐ ⌐ ⌐
⌐ ⌐ ⌐ ⌐ ⌐ ⌐ ⌐ ⌐ ⌐ ⌐ ⌐ ⌐ ⌐ ⌐ ⌐ ⌐ ⌐ ⌐ ⌐ ⌐ ⌐ ⌐ ⌐ ⌐ ⌐ ⌐ ⌐ ⌐ ⌐ ⌐ ⌐ ⌐ ⌐ ⌐ ⌐ ⌐ ⌐ ⌐ ⌐ ⌐ ⌐ ⌐ ⌐ ⌐ ⌐ ⌐ ⌐ ⌐ ⌐ ⌐ ⌐ ⌐ ⌐ ⌐ ⌐ ⌐ ⌐ ⌐ ⌐ ⌐ ⌐ ⌐ ⌐ ⌐ ⌐ ⌐ ⌐ ⌐ ⌐ ⌐ ⌐
⌐ ⌐ ⌐ ⌐ ⌐ ⌐ ⌐ ⌐ ⌐ ⌐ ⌐ ⌐ ⌐ ⌐ ⌐ ⌐ ⌐ ⌐ ⌐ ⌐ ⌐ ⌐ ⌐ ⌐ ⌐ ⌐ ⌐ ⌐ ⌐ ⌐ ⌐ ⌐ ⌐ ⌐ ⌐ ⌐ ⌐ ⌐ ⌐ ⌐ ⌐ ⌐ ⌐ ⌐ ⌐ ⌐ ⌐ ⌐ ⌐ ⌐ ⌐ ⌐ ⌐ ⌐ ⌐ ⌐ ⌐ ⌐ ⌐ ⌐ ⌐ ⌐ ⌐ ⌐ ⌐ ⌐ ⌐ ⌐ ⌐ ⌐ ⌐
⌐ ⌐ ⌐ ⌐ ⌐ ⌐ ⌐ ⌐ ⌐ ⌐ ⌐ ⌐ ⌐ ⌐ ⌐ ⌐ ⌐ ⌐ ⌐ ⌐ ⌐ ⌐ ⌐ ⌐ ⌐ ⌐ ⌐ ⌐ ⌐ ⌐ ⌐ ⌐ ⌐ ⌐ ⌐ ⌐ ⌐ ⌐ ⌐ ⌐ ⌐ ⌐ ⌐ ⌐ ⌐ ⌐ ⌐ ⌐ ⌐ ⌐ ⌐ ⌐ ⌐ ⌐ ⌐ ⌐ ⌐ ⌐ ⌐ ⌐ ⌐ ⌐ ⌐ ⌐ ⌐ ⌐ ⌐ ⌐ ⌐ ⌐ ⌐
